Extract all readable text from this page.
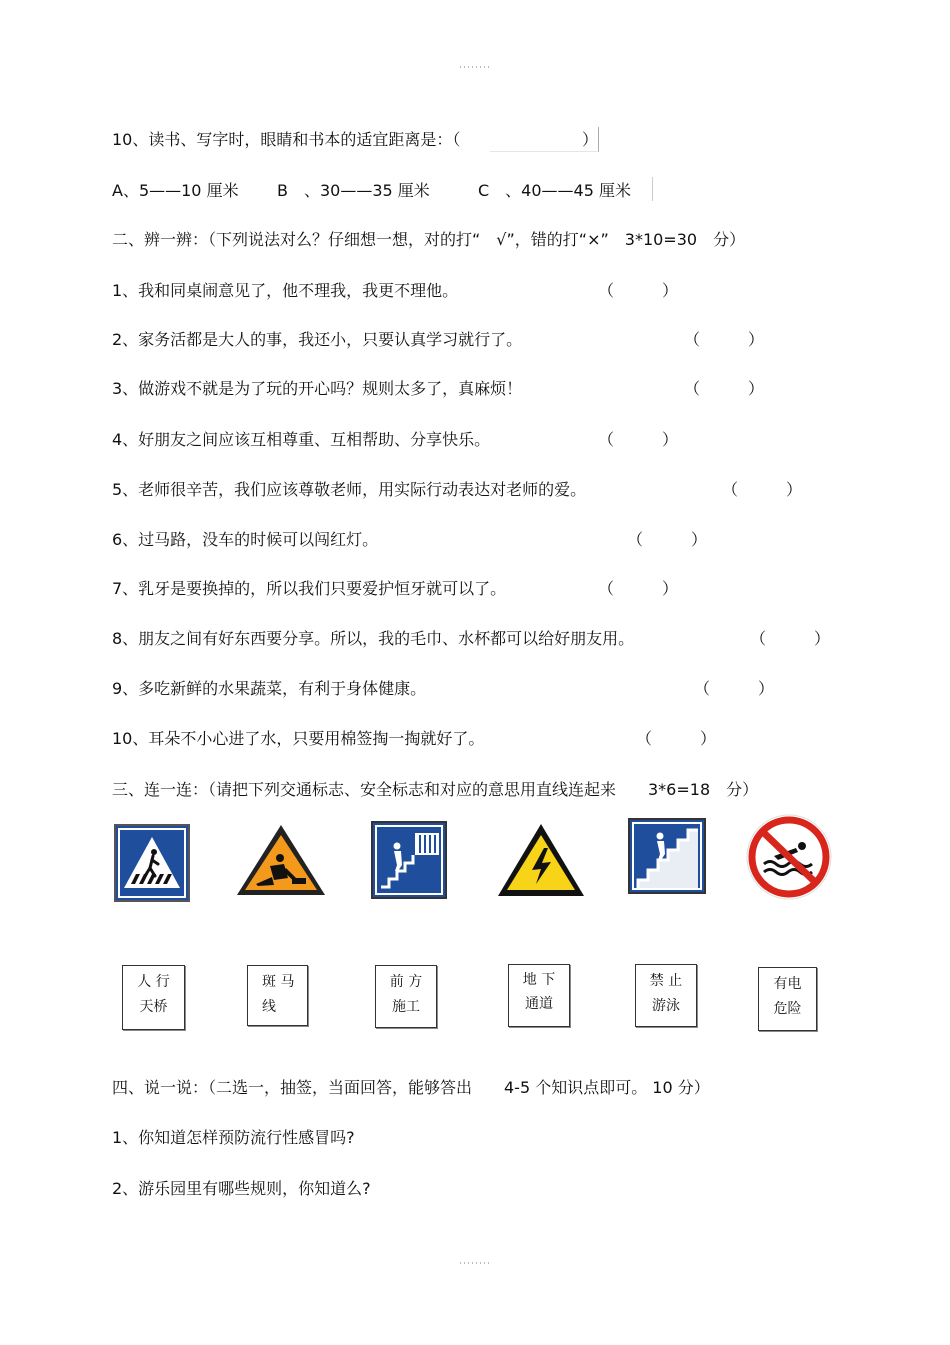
10、读书、写字时，眼睛和书本的适宜距离是：（	）
A、5——10 厘米 B　、30——35 厘米	C　、40——45 厘米
二、辨一辨：（下列说法对么？仔细想一想，对的打“　√”，错的打“×”　3*10=30　分）
1、我和同桌闹意见了，他不理我，我更不理他。	（　　　）
2、家务活都是大人的事，我还小，只要认真学习就行了。	（　　　）
3、做游戏不就是为了玩的开心吗？规则太多了，真麻烦！	（　　　）
4、好朋友之间应该互相尊重、互相帮助、分享快乐。	（　　　）
5、老师很辛苦，我们应该尊敬老师，用实际行动表达对老师的爱。	（　　　）
6、过马路，没车的时候可以闯红灯。	（　　　）
7、乳牙是要换掉的，所以我们只要爱护恒牙就可以了。	（　　　）
8、朋友之间有好东西要分享。所以，我的毛巾、水杯都可以给好朋友用。	（　　　）
9、多吃新鲜的水果蔬菜，有利于身体健康。	（　　　）
10、耳朵不小心进了水，只要用棉签掏一掏就好了。	（　　　）
三、连一连：（请把下列交通标志、安全标志和对应的意思用直线连起来　　3*6=18　分）
人 行
天桥
斑 马
线
前 方
施工
地 下
通道
禁 止
游泳
有电
危险
四、说一说：（二选一，抽签，当面回答，能够答出　　4-5 个知识点即可。 10 分）
1、你知道怎样预防流行性感冒吗?
2、游乐园里有哪些规则，你知道么?
